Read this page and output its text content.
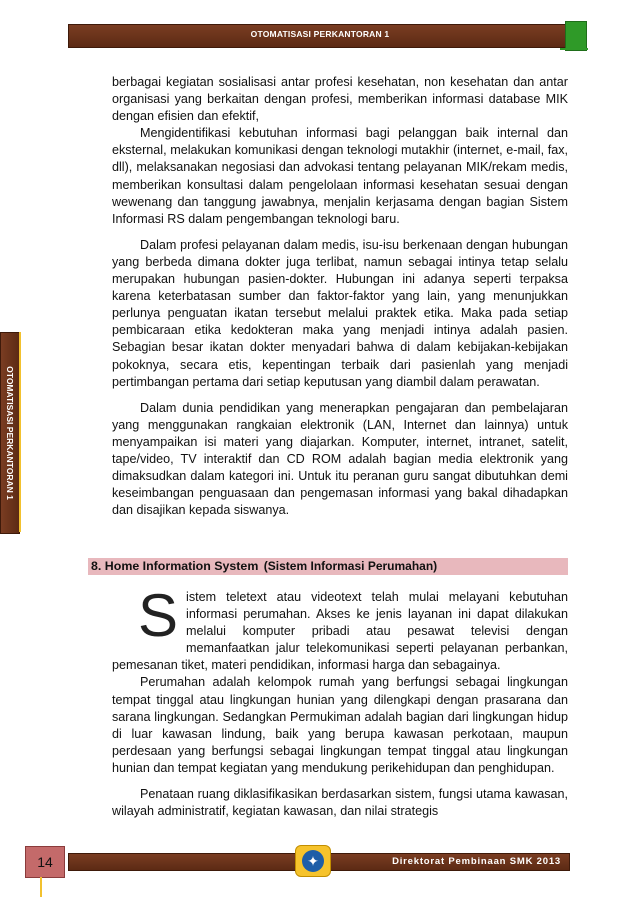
OTOMATISASI PERKANTORAN 1
OTOMATISASI PERKANTORAN 1

berbagai kegiatan sosialisasi antar profesi kesehatan, non kesehatan dan antar organisasi yang berkaitan dengan profesi, memberikan informasi database MIK dengan efisien dan efektif,

Mengidentifikasi kebutuhan informasi bagi pelanggan baik internal dan eksternal, melakukan komunikasi dengan teknologi mutakhir (internet, e-mail, fax, dll), melaksanakan negosiasi dan advokasi tentang pelayanan MIK/rekam medis, memberikan konsultasi dalam pengelolaan informasi kesehatan sesuai dengan wewenang dan tanggung jawabnya, menjalin kerjasama dengan bagian Sistem Informasi RS dalam pengembangan teknologi baru.

Dalam profesi pelayanan dalam medis, isu-isu berkenaan dengan hubungan yang berbeda dimana dokter juga terlibat, namun sebagai intinya tetap selalu merupakan hubungan pasien-dokter. Hubungan ini adanya seperti terpaksa karena keterbatasan sumber dan faktor-faktor yang lain, yang menunjukkan perlunya penguatan ikatan tersebut melalui praktek etika. Maka pada setiap pembicaraan etika kedokteran maka yang menjadi intinya adalah pasien. Sebagian besar ikatan dokter menyadari bahwa di dalam kebijakan-kebijakan pokoknya, secara etis, kepentingan terbaik dari pasienlah yang menjadi pertimbangan pertama dari setiap keputusan yang diambil dalam perawatan.

Dalam dunia pendidikan yang menerapkan pengajaran dan pembelajaran yang menggunakan rangkaian elektronik (LAN, Internet dan lainnya) untuk menyampaikan isi materi yang diajarkan. Komputer, internet, intranet, satelit, tape/video, TV interaktif dan CD ROM adalah bagian media elektronik yang dimaksudkan dalam kategori ini. Untuk itu peranan guru sangat dibutuhkan demi keseimbangan penguasaan dan pengemasan informasi yang bakal dihadapkan dan disajikan kepada siswanya.

8. Home Information System (Sistem Informasi Perumahan)

Sistem teletext atau videotext telah mulai melayani kebutuhan informasi perumahan. Akses ke jenis layanan ini dapat dilakukan melalui komputer pribadi atau pesawat televisi dengan memanfaatkan jalur telekomunikasi seperti pelayanan perbankan, pemesanan tiket, materi pendidikan, informasi harga dan sebagainya.

Perumahan adalah kelompok rumah yang berfungsi sebagai lingkungan tempat tinggal atau lingkungan hunian yang dilengkapi dengan prasarana dan sarana lingkungan. Sedangkan Permukiman adalah bagian dari lingkungan hidup di luar kawasan lindung, baik yang berupa kawasan perkotaan, maupun perdesaan yang berfungsi sebagai lingkungan tempat tinggal atau lingkungan hunian dan tempat kegiatan yang mendukung perikehidupan dan penghidupan.

Penataan ruang diklasifikasikan berdasarkan sistem, fungsi utama kawasan, wilayah administratif, kegiatan kawasan, dan nilai strategis

14	Direktorat Pembinaan SMK 2013
✦
